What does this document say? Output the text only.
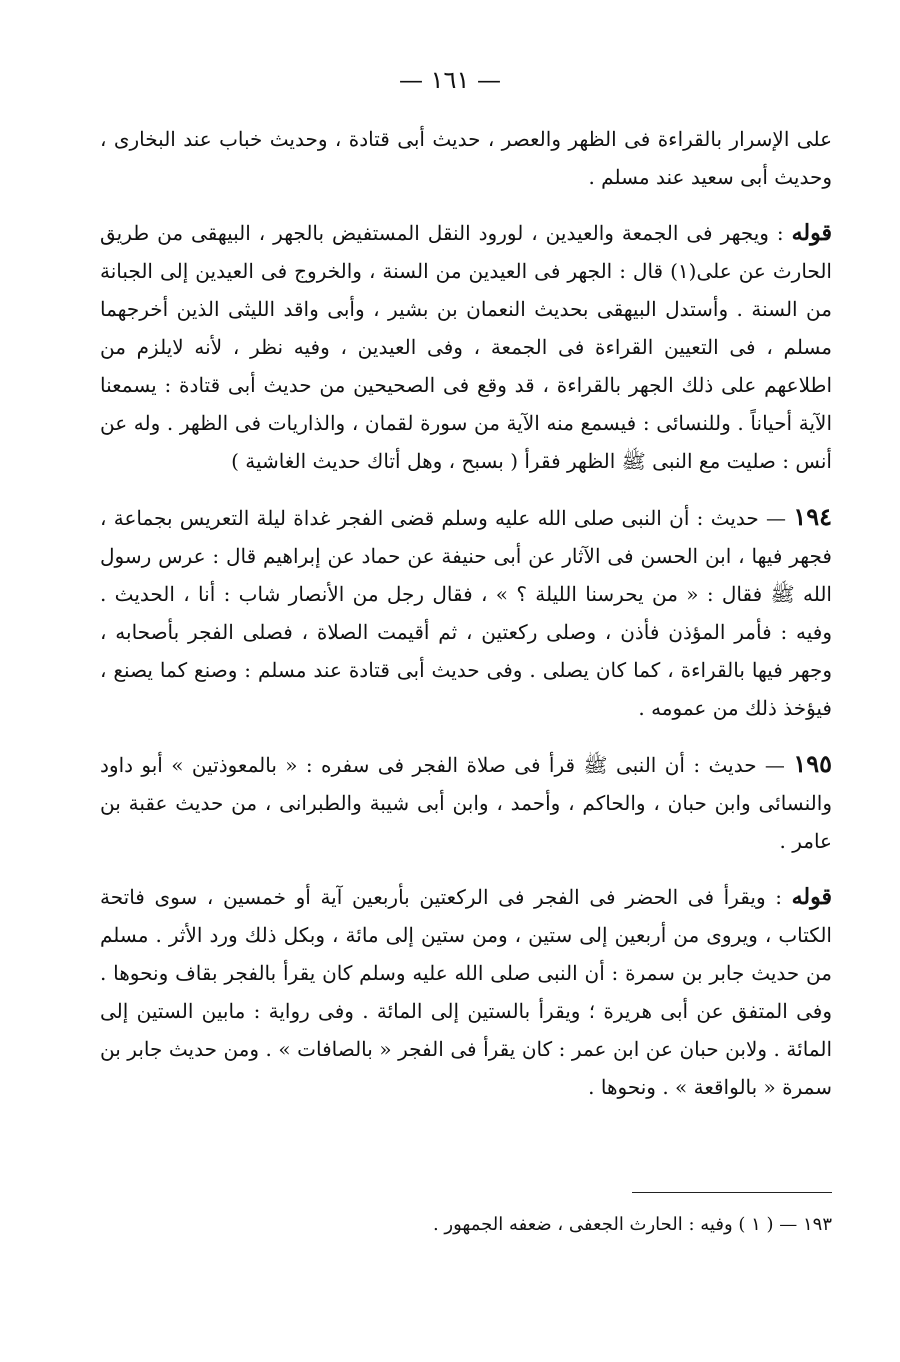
— ١٦١ —

على الإسرار بالقراءة فى الظهر والعصر ، حديث أبى قتادة ، وحديث خباب عند البخارى ، وحديث أبى سعيد عند مسلم .

قوله : ويجهر فى الجمعة والعيدين ، لورود النقل المستفيض بالجهر ، البيهقى من طريق الحارث عن على(١) قال : الجهر فى العيدين من السنة ، والخروج فى العيدين إلى الجبانة من السنة . وأستدل البيهقى بحديث النعمان بن بشير ، وأبى واقد الليثى الذين أخرجهما مسلم ، فى التعيين القراءة فى الجمعة ، وفى العيدين ، وفيه نظر ، لأنه لايلزم من اطلاعهم على ذلك الجهر بالقراءة ، قد وقع فى الصحيحين من حديث أبى قتادة : يسمعنا الآية أحياناً . وللنسائى : فيسمع منه الآية من سورة لقمان ، والذاريات فى الظهر . وله عن أنس : صليت مع النبى ﷺ الظهر فقرأ ( بسبح ، وهل أتاك حديث الغاشية )

١٩٤ — حديث : أن النبى صلى الله عليه وسلم قضى الفجر غداة ليلة التعريس بجماعة ، فجهر فيها ، ابن الحسن فى الآثار عن أبى حنيفة عن حماد عن إبراهيم قال : عرس رسول الله ﷺ فقال : « من يحرسنا الليلة ؟ » ، فقال رجل من الأنصار شاب : أنا ، الحديث . وفيه : فأمر المؤذن فأذن ، وصلى ركعتين ، ثم أقيمت الصلاة ، فصلى الفجر بأصحابه ، وجهر فيها بالقراءة ، كما كان يصلى . وفى حديث أبى قتادة عند مسلم : وصنع كما يصنع ، فيؤخذ ذلك من عمومه .

١٩٥ — حديث : أن النبى ﷺ قرأ فى صلاة الفجر فى سفره : « بالمعوذتين » أبو داود والنسائى وابن حبان ، والحاكم ، وأحمد ، وابن أبى شيبة والطبرانى ، من حديث عقبة بن عامر .

قوله : ويقرأ فى الحضر فى الفجر فى الركعتين بأربعين آية أو خمسين ، سوى فاتحة الكتاب ، ويروى من أربعين إلى ستين ، ومن ستين إلى مائة ، وبكل ذلك ورد الأثر . مسلم من حديث جابر بن سمرة : أن النبى صلى الله عليه وسلم كان يقرأ بالفجر بقاف ونحوها . وفى المتفق عن أبى هريرة ؛ ويقرأ بالستين إلى المائة . وفى رواية : مابين الستين إلى المائة . ولابن حبان عن ابن عمر : كان يقرأ فى الفجر « بالصافات » . ومن حديث جابر بن سمرة « بالواقعة » . ونحوها .

١٩٣ — ( ١ ) وفيه : الحارث الجعفى ، ضعفه الجمهور .
